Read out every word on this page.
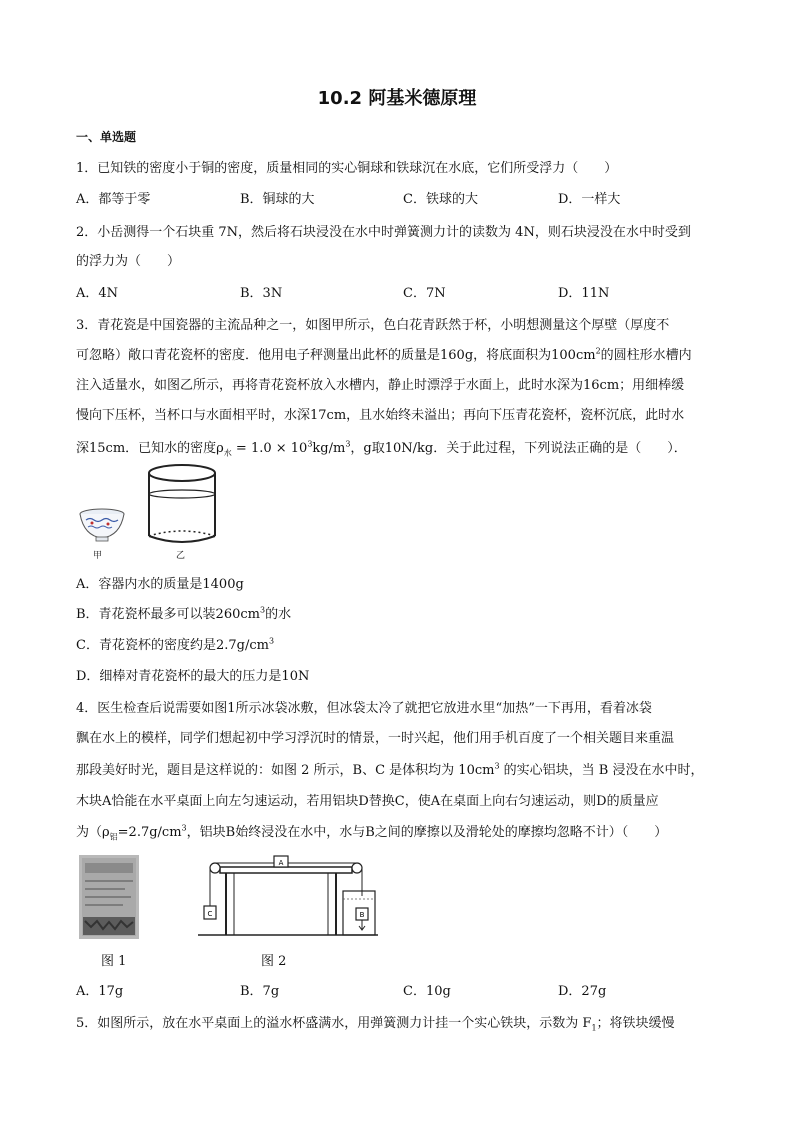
10.2 阿基米德原理
一、单选题
1．已知铁的密度小于铜的密度，质量相同的实心铜球和铁球沉在水底，它们所受浮力（　　）
A．都等于零	B．铜球的大	C．铁球的大	D．一样大
2．小岳测得一个石块重 7N，然后将石块浸没在水中时弹簧测力计的读数为 4N，则石块浸没在水中时受到
的浮力为（　　）
A．4N	B．3N	C．7N	D．11N
3．青花瓷是中国瓷器的主流品种之一，如图甲所示，色白花青跃然于杯，小明想测量这个厚壁（厚度不
可忽略）敞口青花瓷杯的密度．他用电子秤测量出此杯的质量是160g，将底面积为$100cm^2$的圆柱形水槽内
注入适量水，如图乙所示，再将青花瓷杯放入水槽内，静止时漂浮于水面上，此时水深为16cm；用细棒缓
慢向下压杯，当杯口与水面相平时，水深17cm，且水始终未溢出；再向下压青花瓷杯，瓷杯沉底，此时水
深15cm．已知水的密度$\rho_水 = 1.0 \times 10^3kg/m^3$，g取10N/kg．关于此过程，下列说法正确的是（　　）．
甲	乙
A．容器内水的质量是1400g
B．青花瓷杯最多可以装$260cm^3$的水
C．青花瓷杯的密度约是$2.7g/cm^3$
D．细棒对青花瓷杯的最大的压力是10N
4．医生检查后说需要如图1所示冰袋冰敷，但冰袋太冷了就把它放进水里“加热”一下再用，看着冰袋
飘在水上的模样，同学们想起初中学习浮沉时的情景，一时兴起，他们用手机百度了一个相关题目来重温
那段美好时光，题目是这样说的：如图 2 所示，B、C 是体积均为 $10cm^3$ 的实心铝块，当 B 浸没在水中时，
木块A恰能在水平桌面上向左匀速运动，若用铝块D替换C，使A在桌面上向右匀速运动，则D的质量应
为（$\rho_铝=2.7g/cm^3$，铝块B始终浸没在水中，水与B之间的摩擦以及滑轮处的摩擦均忽略不计）（　　）
图 1
A
C	B
图 2
A．17g	B．7g	C．10g	D．27g
5．如图所示，放在水平桌面上的溢水杯盛满水，用弹簧测力计挂一个实心铁块，示数为 $F_1$；将铁块缓慢
